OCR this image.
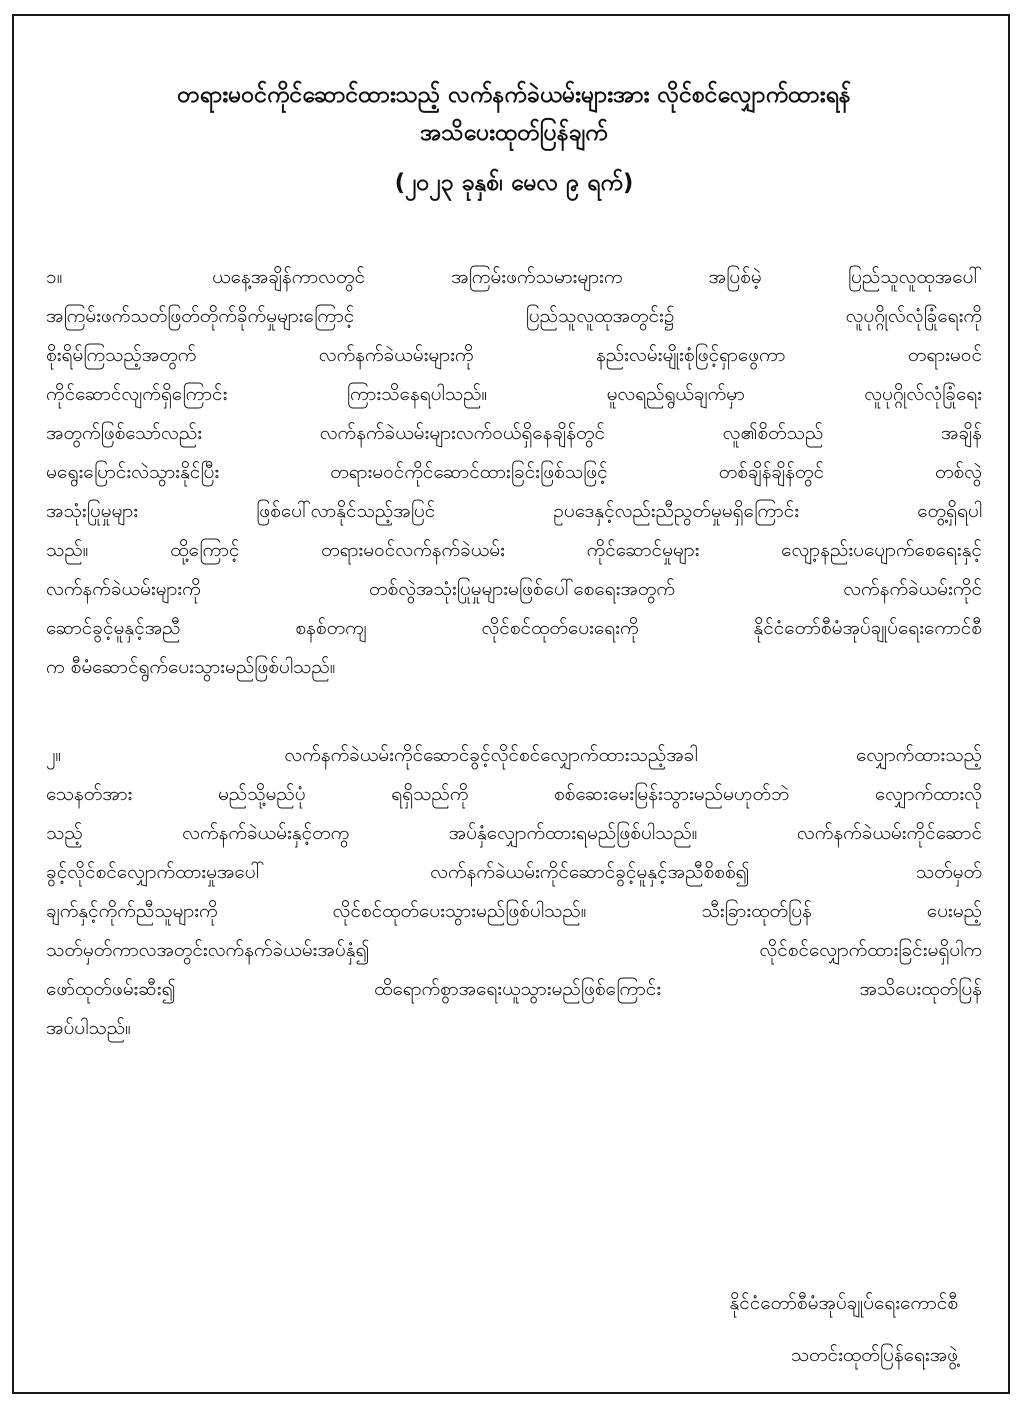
တရားမဝင်ကိုင်ဆောင်ထားသည့် လက်နက်ခဲယမ်းများအား လိုင်စင်လျှောက်ထားရန်
အသိပေးထုတ်ပြန်ချက်
(၂၀၂၃ ခုနှစ်၊ မေလ ၉ ရက်)
၁။	ယနေ့အချိန်ကာလတွင်	အကြမ်းဖက်သမားများက	အပြစ်မဲ့	ပြည်သူလူထုအပေါ်
အကြမ်းဖက်သတ်ဖြတ်တိုက်ခိုက်မှုများကြောင့်	ပြည်သူလူထုအတွင်း၌	လူပုဂ္ဂိုလ်လုံခြုံရေးကို
စိုးရိမ်ကြသည့်အတွက်	လက်နက်ခဲယမ်းများကို	နည်းလမ်းမျိုးစုံဖြင့်ရှာဖွေကာ	တရားမဝင်
ကိုင်ဆောင်လျက်ရှိကြောင်း	ကြားသိနေရပါသည်။	မူလရည်ရွယ်ချက်မှာ	လူပုဂ္ဂိုလ်လုံခြုံရေး
အတွက်ဖြစ်သော်လည်း	လက်နက်ခဲယမ်းများလက်ဝယ်ရှိနေချိန်တွင်	လူ၏စိတ်သည်	အချိန်
မရွေးပြောင်းလဲသွားနိုင်ပြီး	တရားမဝင်ကိုင်ဆောင်ထားခြင်းဖြစ်သဖြင့်	တစ်ချိန်ချိန်တွင်	တစ်လွဲ
အသုံးပြုမှုများ	ဖြစ်ပေါ်လာနိုင်သည့်အပြင်	ဥပဒေနှင့်လည်းညီညွတ်မှုမရှိကြောင်း	တွေ့ရှိရပါ
သည်။	ထို့ကြောင့်	တရားမဝင်လက်နက်ခဲယမ်း	ကိုင်ဆောင်မှုများ	လျော့နည်းပပျောက်စေရေးနှင့်
လက်နက်ခဲယမ်းများကို	တစ်လွဲအသုံးပြုမှုများမဖြစ်ပေါ်စေရေးအတွက်	လက်နက်ခဲယမ်းကိုင်
ဆောင်ခွင့်မူနှင့်အညီ	စနစ်တကျ	လိုင်စင်ထုတ်ပေးရေးကို	နိုင်ငံတော်စီမံအုပ်ချုပ်ရေးကောင်စီ
က
စီမံဆောင်ရွက်ပေးသွားမည်ဖြစ်ပါသည်။

၂။	လက်နက်ခဲယမ်းကိုင်ဆောင်ခွင့်လိုင်စင်လျှောက်ထားသည့်အခါ	လျှောက်ထားသည့်
သေနတ်အား	မည်သို့မည်ပုံ	ရရှိသည်ကို	စစ်ဆေးမေးမြန်းသွားမည်မဟုတ်ဘဲ	လျှောက်ထားလို
သည့်	လက်နက်ခဲယမ်းနှင့်တကွ	အပ်နှံလျှောက်ထားရမည်ဖြစ်ပါသည်။	လက်နက်ခဲယမ်းကိုင်ဆောင်
ခွင့်လိုင်စင်လျှောက်ထားမှုအပေါ်	လက်နက်ခဲယမ်းကိုင်ဆောင်ခွင့်မူနှင့်အညီစိစစ်၍	သတ်မှတ်
ချက်နှင့်ကိုက်ညီသူများကို	လိုင်စင်ထုတ်ပေးသွားမည်ဖြစ်ပါသည်။	သီးခြားထုတ်ပြန်	ပေးမည့်
သတ်မှတ်ကာလအတွင်းလက်နက်ခဲယမ်းအပ်နှံ၍	လိုင်စင်လျှောက်ထားခြင်းမရှိပါက
ဖော်ထုတ်ဖမ်းဆီး၍	ထိရောက်စွာအရေးယူသွားမည်ဖြစ်ကြောင်း	အသိပေးထုတ်ပြန်
အပ်ပါသည်။

နိုင်ငံတော်စီမံအုပ်ချုပ်ရေးကောင်စီ
သတင်းထုတ်ပြန်ရေးအဖွဲ့
